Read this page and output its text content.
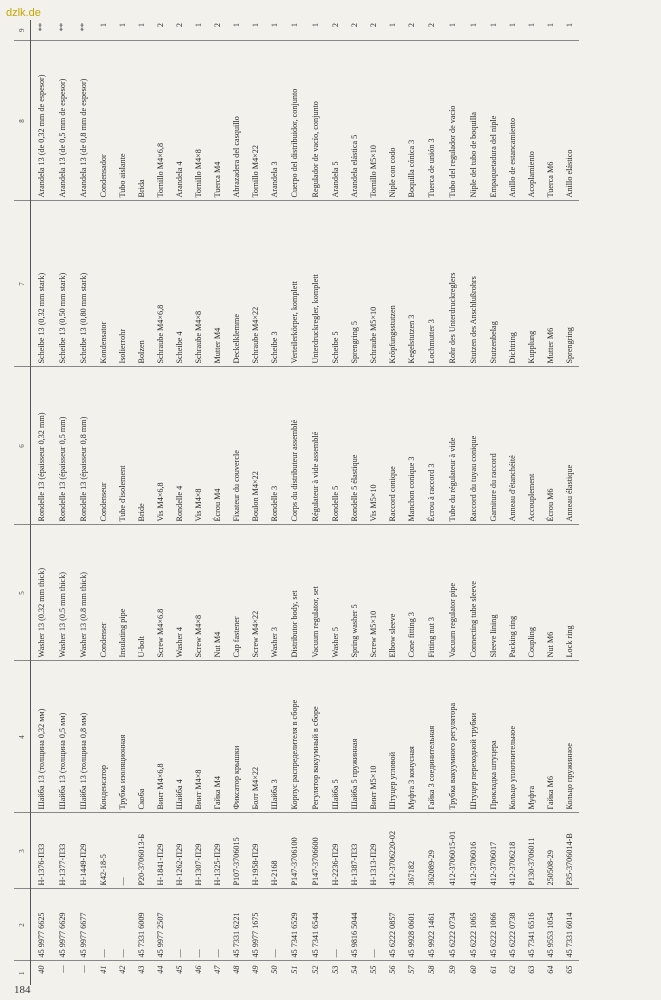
dzlk.de
184
1	2	3	4	5	6	7	8	9
40	45 9977 6625	Н-1376-П33	Шайба 13 (толщина 0,32 мм)	Washer 13 (0.32 mm thick)	Rondelle 13 (épaisseur 0,32 mm)	Scheibe 13 (0,32 mm stark)	Arandela 13 (de 0,32 mm de espesor)	**
—	45 9977 6629	Н-1377-П33	Шайба 13 (толщина 0,5 мм)	Washer 13 (0.5 mm thick)	Rondelle 13 (épaisseur 0,5 mm)	Scheibe 13 (0,50 mm stark)	Arandela 13 (de 0,5 mm de espesor)	**
—	45 9977 6677	Н-1449-П29	Шайба 13 (толщина 0,8 мм)	Washer 13 (0.8 mm thick)	Rondelle 13 (épaisseur 0,8 mm)	Scheibe 13 (0,80 mm stark)	Arandela 13 (de 0,8 mm de espesor)	**
41	—	К42-18-5	Конденсатор	Condenser	Condenseur	Kondensator	Condensador	1
42	—	—	Трубка изоляционная	Insulating pipe	Tube d'isolement	Isolierrohr	Tubo aislante	1
43	45 7331 6009	Р20-3706013-Б	Скоба	U-bolt	Bride	Bolzen	Brida	1
44	45 9977 2507	Н-1841-П29	Винт М4×6,8	Screw M4×6.8	Vis M4×6,8	Schraube M4×6,8	Tornillo M4×6,8	2
45	—	Н-1262-П29	Шайба 4	Washer 4	Rondelle 4	Scheibe 4	Arandela 4	2
46	—	Н-1307-П29	Винт М4×8	Screw M4×8	Vis M4×8	Schraube M4×8	Tornillo M4×8	1
47	—	Н-1325-П29	Гайка М4	Nut M4	Écrou M4	Mutter M4	Tuerca M4	2
48	45 7331 6221	Р107-3706015	Фиксатор крышки	Cap fastener	Fixateur du couvercle	Deckelklemme	Abrazadera del casquillo	1
49	45 9977 1675	Н-1958-П29	Болт М4×22	Screw M4×22	Boulon M4×22	Schraube M4×22	Tornillo M4×22	1
50	—	Н-2168	Шайба 3	Washer 3	Rondelle 3	Scheibe 3	Arandela 3	1
51	45 7341 6529	Р147-3706100	Корпус распределителя в сборе	Distributor body, set	Corps du distributeur assemblé	Verteilerkörper, komplett	Cuerpo del distribuidor, conjunto	1
52	45 7341 6544	Р147-3706600	Регулятор вакуумный в сборе	Vacuum regulator, set	Régulateur à vide assemblé	Unterdruckregler, komplett	Regulador de vacío, conjunto	1
53	—	Н-2236-П29	Шайба 5	Washer 5	Rondelle 5	Scheibe 5	Arandela 5	2
54	45 9816 5044	Н-1387-П33	Шайба 5 пружинная	Spring washer 5	Rondelle 5 élastique	Sprengring 5	Arandela elástica 5	2
55	—	Н-1313-П29	Винт М5×10	Screw M5×10	Vis M5×10	Schraube M5×10	Tornillo M5×10	2
56	45 6222 0857	412-3706220-02	Штуцер угловой	Elbow sleeve	Raccord conique	Kröpfungsstutzen	Niple con codo	1
57	45 9928 0601	367182	Муфта 3 конусная	Cone fitting 3	Manchon conique 3	Kegelstutzen 3	Boquilla cónica 3	2
58	45 9922 1461	362089-29	Гайка 3 соединительная	Fitting nut 3	Écrou à raccord 3	Lochmutter 3	Tuerca de unión 3	2
59	45 6222 0734	412-3706015-01	Трубка вакуумного регулятора	Vacuum regulator pipe	Tube du régulateur à vide	Rohr des Unterdruckreglers	Tubo del regulador de vacío	1
60	45 6222 1065	412-3706016	Штуцер переходной трубки	Connecting tube sleeve	Raccord du tuyau conique	Stutzen des Anschlußrohrs	Niple del tubo de boquilla	1
61	45 6222 1066	412-3706017	Прокладка штуцера	Sleeve lining	Garniture du raccord	Stutzenbelag	Empaquetadura del niple	1
62	45 6222 0738	412-3706218	Кольцо уплотнительное	Packing ring	Anneau d'étanchéité	Dichtring	Anillo de estancamiento	1
63	45 7341 6516	Р130-3706011	Муфта	Coupling	Accouplement	Kupplung	Acoplamiento	1
64	45 9553 1054	250508-29	Гайка М6	Nut M6	Écrou M6	Mutter M6	Tuerca M6	1
65	45 7331 6014	Р35-3706014-В	Кольцо пружинное	Lock ring	Anneau élastique	Sprengring	Anillo elástico	1
